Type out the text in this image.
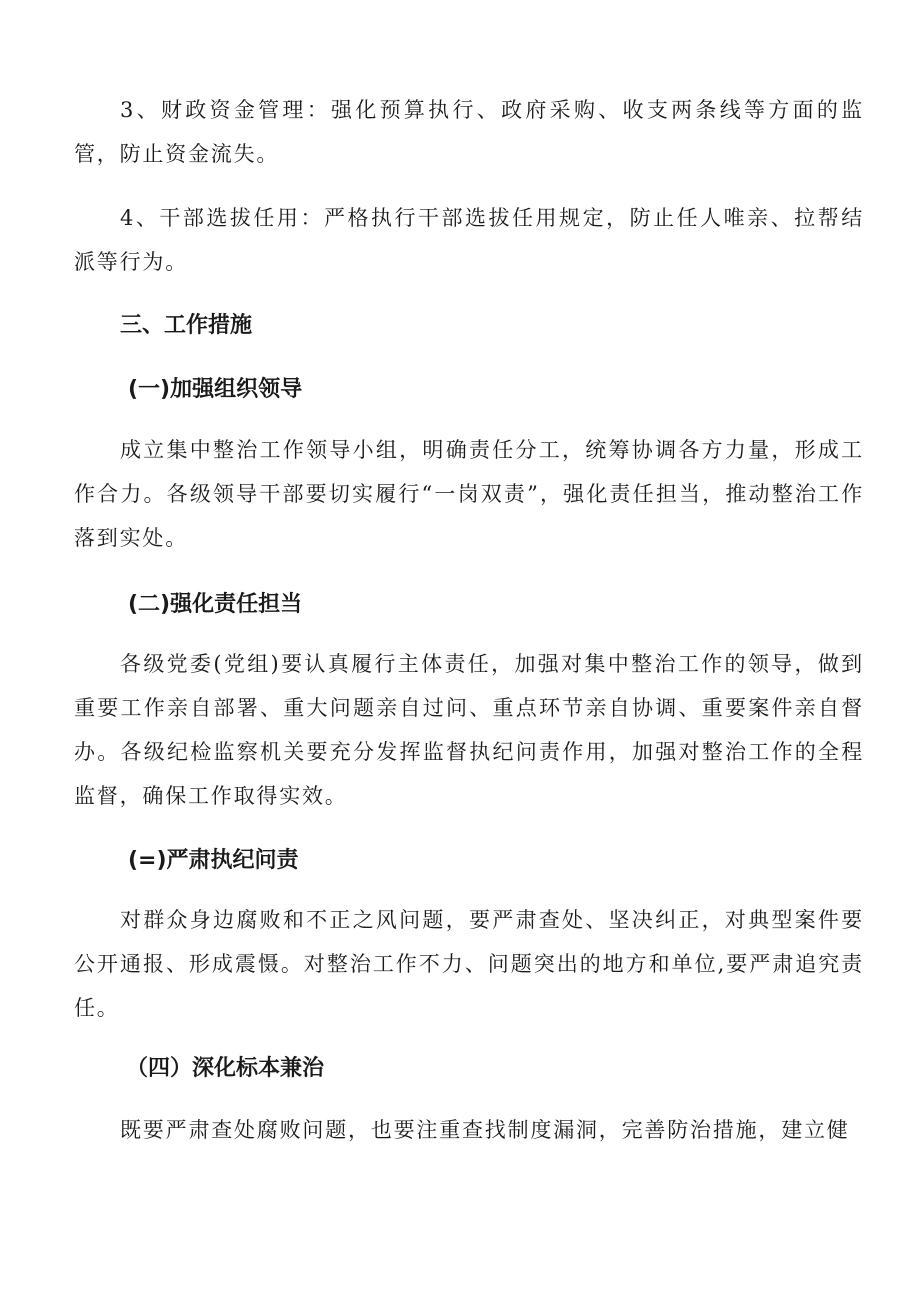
3、财政资金管理：强化预算执行、政府采购、收支两条线等方面的监管，防止资金流失。

4、干部选拔任用：严格执行干部选拔任用规定，防止任人唯亲、拉帮结派等行为。

三、工作措施
(一)加强组织领导

成立集中整治工作领导小组，明确责任分工，统筹协调各方力量，形成工作合力。各级领导干部要切实履行“一岗双责”，强化责任担当，推动整治工作落到实处。

(二)强化责任担当

各级党委(党组)要认真履行主体责任，加强对集中整治工作的领导，做到重要工作亲自部署、重大问题亲自过问、重点环节亲自协调、重要案件亲自督办。各级纪检监察机关要充分发挥监督执纪问责作用，加强对整治工作的全程监督，确保工作取得实效。

(=)严肃执纪问责

对群众身边腐败和不正之风问题，要严肃查处、坚决纠正，对典型案件要公开通报、形成震慑。对整治工作不力、问题突出的地方和单位,要严肃追究责任。

（四）深化标本兼治

既要严肃查处腐败问题，也要注重查找制度漏洞，完善防治措施，建立健
